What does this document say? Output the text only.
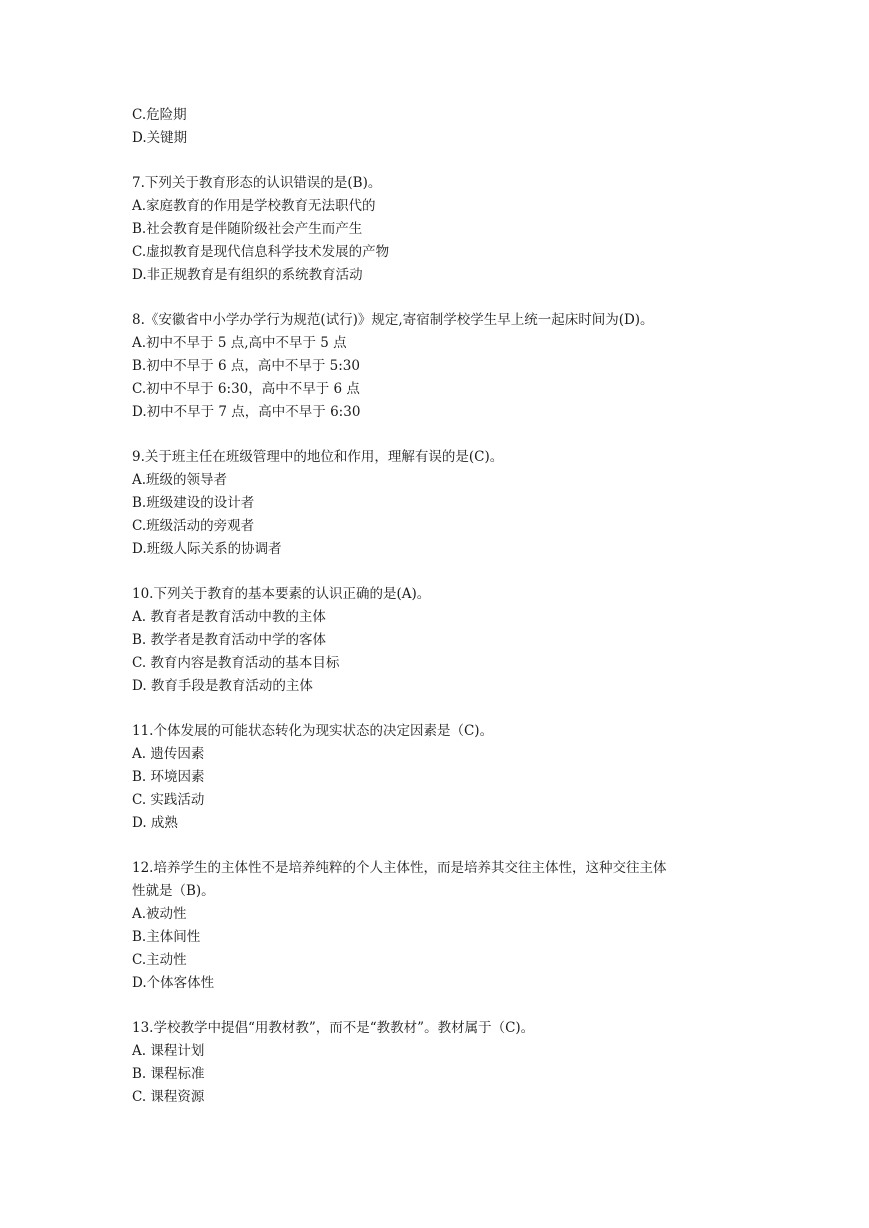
C.危险期
D.关键期
7.下列关于教育形态的认识错误的是(B)。
A.家庭教育的作用是学校教育无法职代的
B.社会教育是伴随阶级社会产生而产生
C.虚拟教育是现代信息科学技术发展的产物
D.非正规教育是有组织的系统教育活动
8.《安徽省中小学办学行为规范(试行)》规定,寄宿制学校学生早上统一起床时间为(D)。
A.初中不早于 5 点,高中不早于 5 点
B.初中不早于 6 点，高中不早于 5:30
C.初中不早于 6:30，高中不早于 6 点
D.初中不早于 7 点，高中不早于 6:30
9.关于班主任在班级管理中的地位和作用，理解有误的是(C)。
A.班级的领导者
B.班级建设的设计者
C.班级活动的旁观者
D.班级人际关系的协调者
10.下列关于教育的基本要素的认识正确的是(A)。
A. 教育者是教育活动中教的主体
B. 教学者是教育活动中学的客体
C. 教育内容是教育活动的基本目标
D. 教育手段是教育活动的主体
11.个体发展的可能状态转化为现实状态的决定因素是（C)。
A. 遗传因素
B. 环境因素
C. 实践活动
D. 成熟
12.培养学生的主体性不是培养纯粹的个人主体性，而是培养其交往主体性，这种交往主体
性就是（B)。
A.被动性
B.主体间性
C.主动性
D.个体客体性
13.学校教学中提倡“用教材教”，而不是“教教材”。教材属于（C)。
A. 课程计划
B. 课程标准
C. 课程资源
